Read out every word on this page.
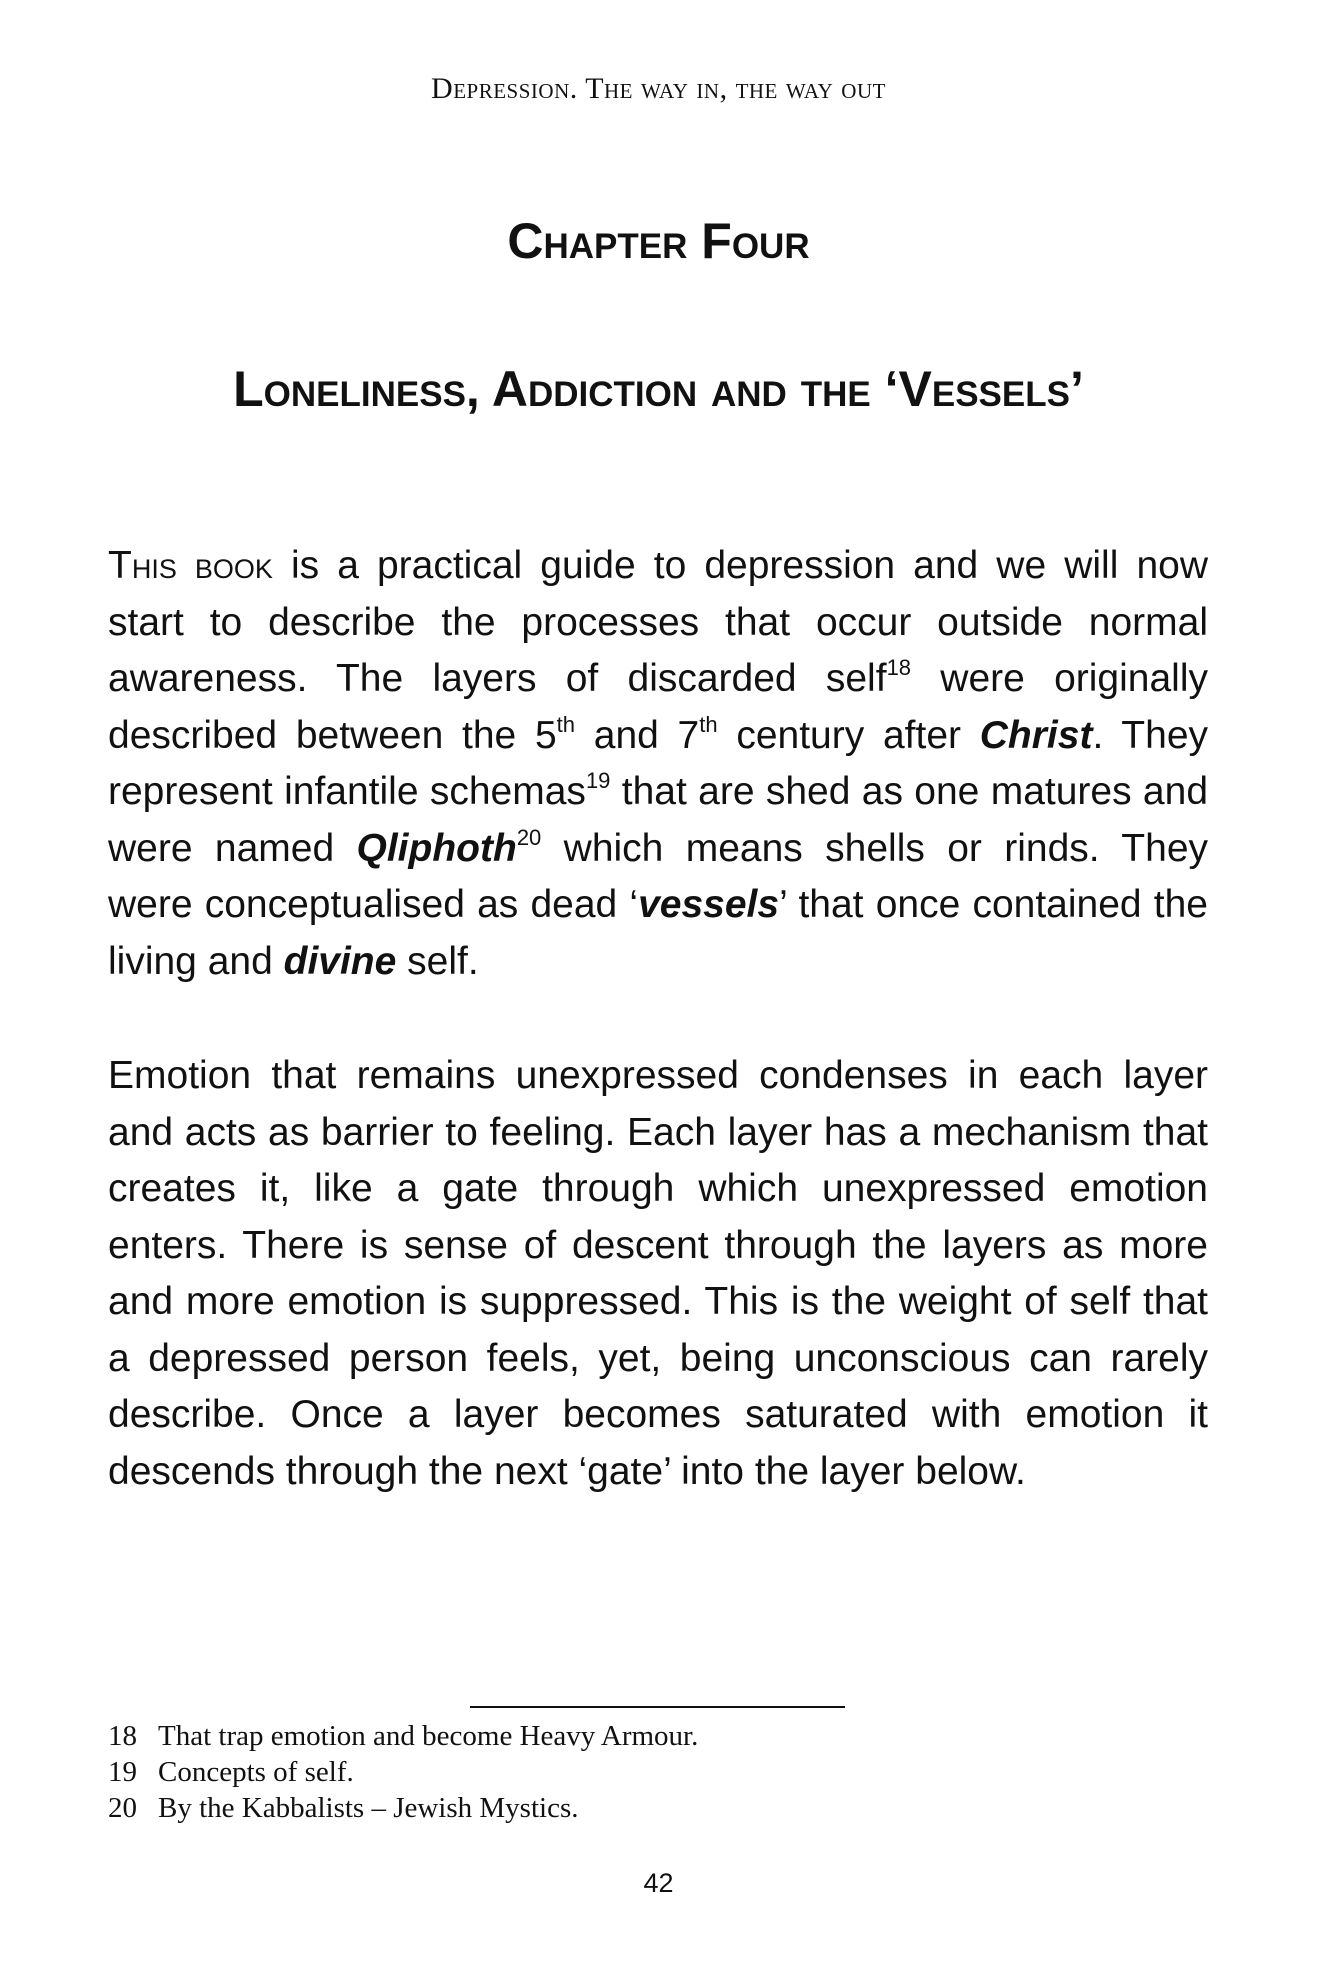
Depression. The way in, the way out
Chapter Four
Loneliness, Addiction and the ‘Vessels’

This book is a practical guide to depression and we will now start to describe the processes that occur outside normal awareness. The layers of discarded self$^{18}$ were originally described between the 5th and 7th century after Christ. They represent infantile schemas$^{19}$ that are shed as one matures and were named Qliphoth$^{20}$ which means shells or rinds. They were conceptualised as dead ‘vessels’ that once contained the living and divine self.

Emotion that remains unexpressed condenses in each layer and acts as barrier to feeling. Each layer has a mechanism that creates it, like a gate through which unexpressed emotion enters. There is sense of descent through the layers as more and more emotion is suppressed. This is the weight of self that a depressed person feels, yet, being unconscious can rarely describe. Once a layer becomes saturated with emotion it descends through the next ‘gate’ into the layer below.

18 That trap emotion and become Heavy Armour.
19 Concepts of self.
20 By the Kabbalists – Jewish Mystics.
42
